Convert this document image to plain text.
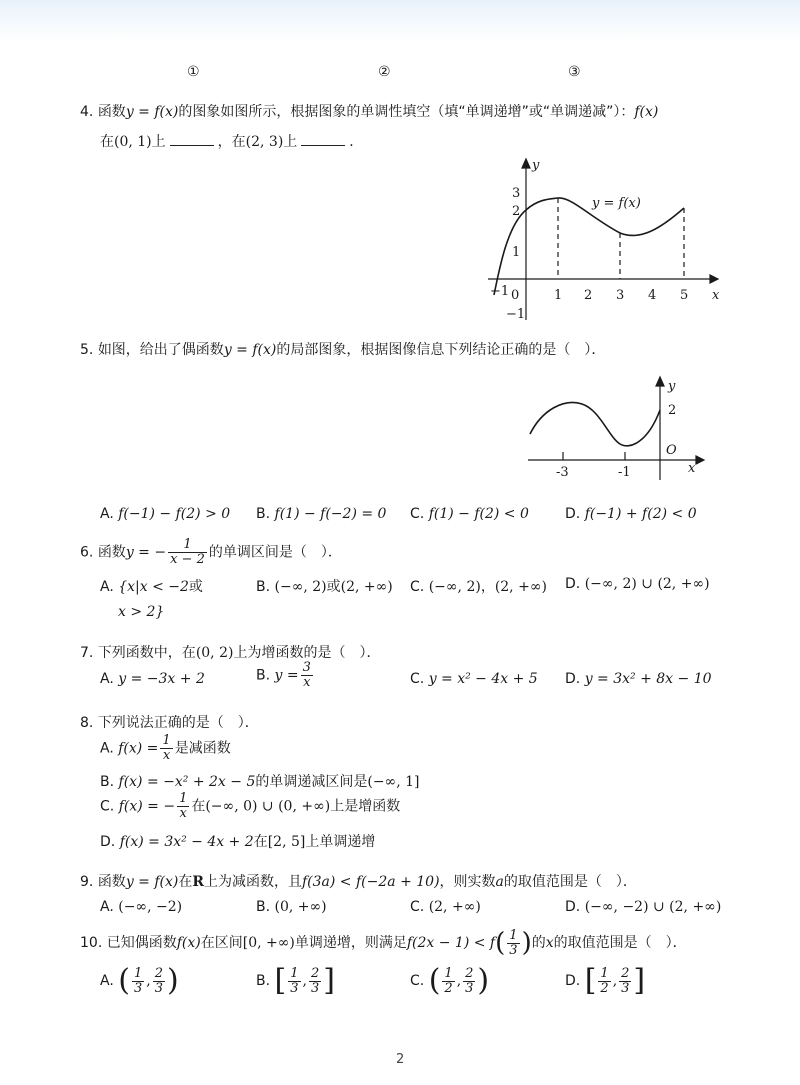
①	②	③
4. 函数y = f(x)的图象如图所示，根据图象的单调性填空（填“单调递增”或“单调递减”）：f(x)
在(0, 1)上	，在(2, 3)上	．
y
x
y = f(x)
−1 0	1 2 3 4 5
3
2
1
−1
5. 如图，给出了偶函数y = f(x)的局部图象，根据图像信息下列结论正确的是（　）．
y
2
O
x
-3	-1
A. f(−1) − f(2) > 0 B. f(1) − f(−2) = 0 C. f(1) − f(2) < 0	D. f(−1) + f(2) < 0
6. 函数y = − $\frac{1}{x - 2}$ 的单调区间是（　）．
A. {x|x < −2或
x > 2}
B. (−∞, 2)或(2, +∞) C. (−∞, 2)，(2, +∞) D. (−∞, 2) ∪ (2, +∞)
7. 下列函数中，在(0, 2)上为增函数的是（　）．
A. y = −3x + 2	B. $y = \frac{3}{x}$	C. y = x² − 4x + 5 D. y = 3x² + 8x − 10
8. 下列说法正确的是（　）．
A. $f(x) = \frac{1}{x}$ 是减函数
B. f(x) = −x² + 2x − 5的单调递减区间是(−∞, 1]
C. f(x) = − $\frac{1}{x}$ 在(−∞, 0) ∪ (0, +∞)上是增函数
D. f(x) = 3x² − 4x + 2在[2, 5]上单调递增
9. 函数y = f(x)在R上为减函数，且f(3a) < f(−2a + 10)，则实数a的取值范围是（　）．
A. (−∞, −2)	B. (0, +∞)	C. (2, +∞)	D. (−∞, −2) ∪ (2, +∞)
10. 已知偶函数f(x)在区间[0, +∞)单调递增，则满足$f(2x - 1) < f( \frac{1}{3}$ )的x的取值范围是（　）．
A. ( $\frac{1}{3}$ , $\frac{2}{3}$ )	B. [ $\frac{1}{3}$ , $\frac{2}{3}$ ]	C. ( $\frac{1}{2}$ , $\frac{2}{3}$ )	D. [ $\frac{1}{2}$ , $\frac{2}{3}$ ]
2
